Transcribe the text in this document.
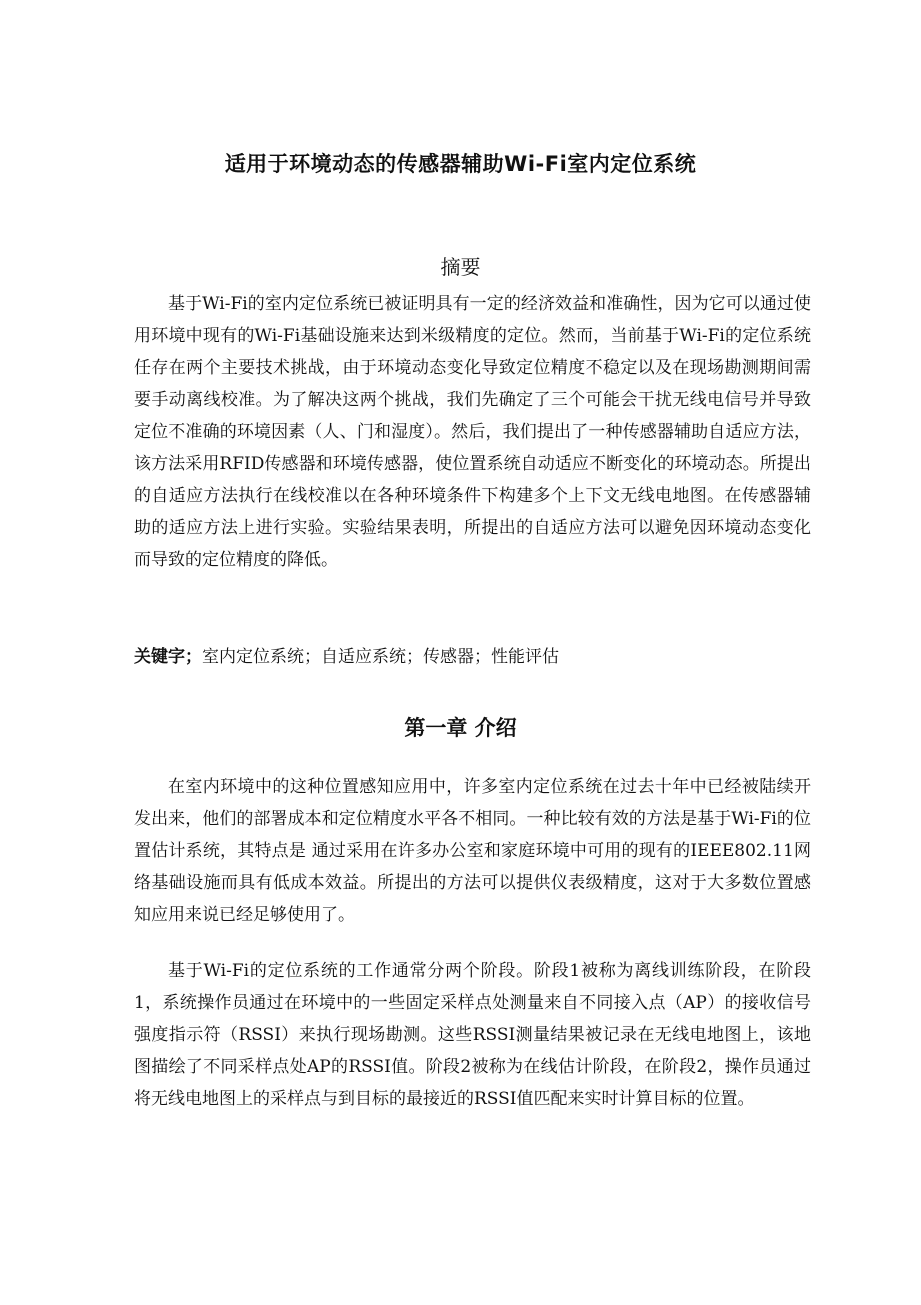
适用于环境动态的传感器辅助Wi-Fi室内定位系统
摘要

基于Wi-Fi的室内定位系统已被证明具有一定的经济效益和准确性，因为它可以通过使用环境中现有的Wi-Fi基础设施来达到米级精度的定位。然而，当前基于Wi-Fi的定位系统任存在两个主要技术挑战，由于环境动态变化导致定位精度不稳定以及在现场勘测期间需要手动离线校准。为了解决这两个挑战，我们先确定了三个可能会干扰无线电信号并导致定位不准确的环境因素（人、门和湿度）。然后，我们提出了一种传感器辅助自适应方法，该方法采用RFID传感器和环境传感器，使位置系统自动适应不断变化的环境动态。所提出的自适应方法执行在线校准以在各种环境条件下构建多个上下文无线电地图。在传感器辅助的适应方法上进行实验。实验结果表明，所提出的自适应方法可以避免因环境动态变化而导致的定位精度的降低。

关键字；室内定位系统；自适应系统；传感器；性能评估
第一章 介绍

在室内环境中的这种位置感知应用中，许多室内定位系统在过去十年中已经被陆续开发出来，他们的部署成本和定位精度水平各不相同。一种比较有效的方法是基于Wi-Fi的位置估计系统，其特点是 通过采用在许多办公室和家庭环境中可用的现有的IEEE802.11网络基础设施而具有低成本效益。所提出的方法可以提供仪表级精度，这对于大多数位置感知应用来说已经足够使用了。

基于Wi-Fi的定位系统的工作通常分两个阶段。阶段1被称为离线训练阶段，在阶段1，系统操作员通过在环境中的一些固定采样点处测量来自不同接入点（AP）的接收信号强度指示符（RSSI）来执行现场勘测。这些RSSI测量结果被记录在无线电地图上，该地图描绘了不同采样点处AP的RSSI值。阶段2被称为在线估计阶段，在阶段2，操作员通过将无线电地图上的采样点与到目标的最接近的RSSI值匹配来实时计算目标的位置。
